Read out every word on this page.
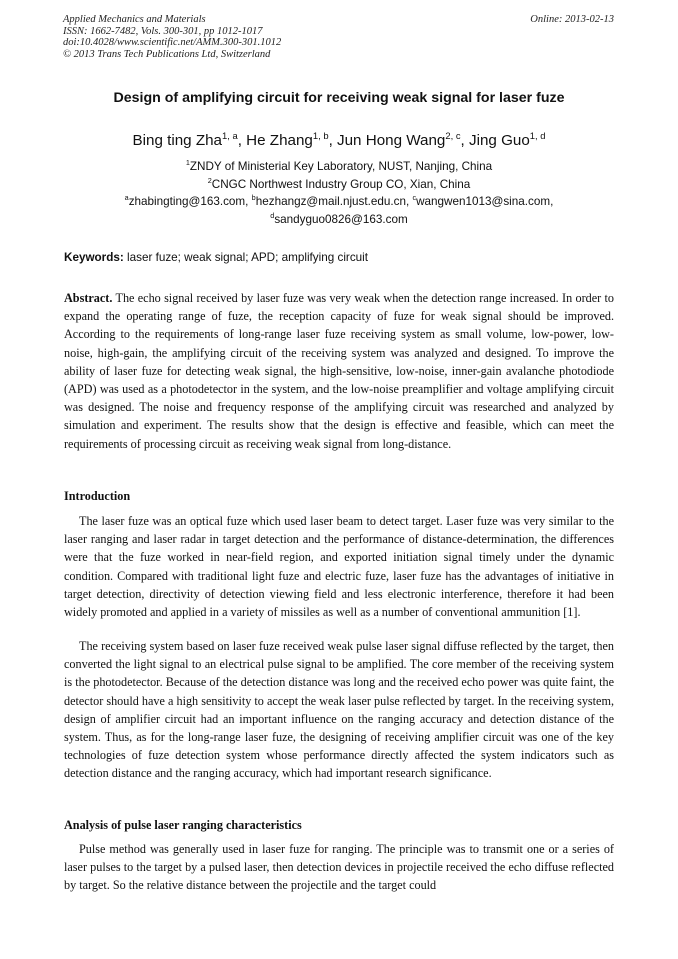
Applied Mechanics and Materials
ISSN: 1662-7482, Vols. 300-301, pp 1012-1017
doi:10.4028/www.scientific.net/AMM.300-301.1012
© 2013 Trans Tech Publications Ltd, Switzerland
Online: 2013-02-13
Design of amplifying circuit for receiving weak signal for laser fuze
Bing ting Zha$^{1, a}$, He Zhang$^{1, b}$, Jun Hong Wang$^{2, c}$, Jing Guo$^{1, d}$
$^1$ZNDY of Ministerial Key Laboratory, NUST, Nanjing, China
$^2$CNGC Northwest Industry Group CO, Xian, China
$^a$zhabingting@163.com, $^b$hezhangz@mail.njust.edu.cn, $^c$wangwen1013@sina.com,
$^d$sandyguo0826@163.com
Keywords: laser fuze; weak signal; APD; amplifying circuit
Abstract. The echo signal received by laser fuze was very weak when the detection range increased. In order to expand the operating range of fuze, the reception capacity of fuze for weak signal should be improved. According to the requirements of long-range laser fuze receiving system as small volume, low-power, low-noise, high-gain, the amplifying circuit of the receiving system was analyzed and designed. To improve the ability of laser fuze for detecting weak signal, the high-sensitive, low-noise, inner-gain avalanche photodiode (APD) was used as a photodetector in the system, and the low-noise preamplifier and voltage amplifying circuit was designed. The noise and frequency response of the amplifying circuit was researched and analyzed by simulation and experiment. The results show that the design is effective and feasible, which can meet the requirements of processing circuit as receiving weak signal from long-distance.
Introduction
The laser fuze was an optical fuze which used laser beam to detect target. Laser fuze was very similar to the laser ranging and laser radar in target detection and the performance of distance-determination, the differences were that the fuze worked in near-field region, and exported initiation signal timely under the dynamic condition. Compared with traditional light fuze and electric fuze, laser fuze has the advantages of initiative in target detection, directivity of detection viewing field and less electronic interference, therefore it had been widely promoted and applied in a variety of missiles as well as a number of conventional ammunition [1].
The receiving system based on laser fuze received weak pulse laser signal diffuse reflected by the target, then converted the light signal to an electrical pulse signal to be amplified. The core member of the receiving system is the photodetector. Because of the detection distance was long and the received echo power was quite faint, the detector should have a high sensitivity to accept the weak laser pulse reflected by target. In the receiving system, design of amplifier circuit had an important influence on the ranging accuracy and detection distance of the system. Thus, as for the long-range laser fuze, the designing of receiving amplifier circuit was one of the key technologies of fuze detection system whose performance directly affected the system indicators such as detection distance and the ranging accuracy, which had important research significance.
Analysis of pulse laser ranging characteristics
Pulse method was generally used in laser fuze for ranging. The principle was to transmit one or a series of laser pulses to the target by a pulsed laser, then detection devices in projectile received the echo diffuse reflected by target. So the relative distance between the projectile and the target could
